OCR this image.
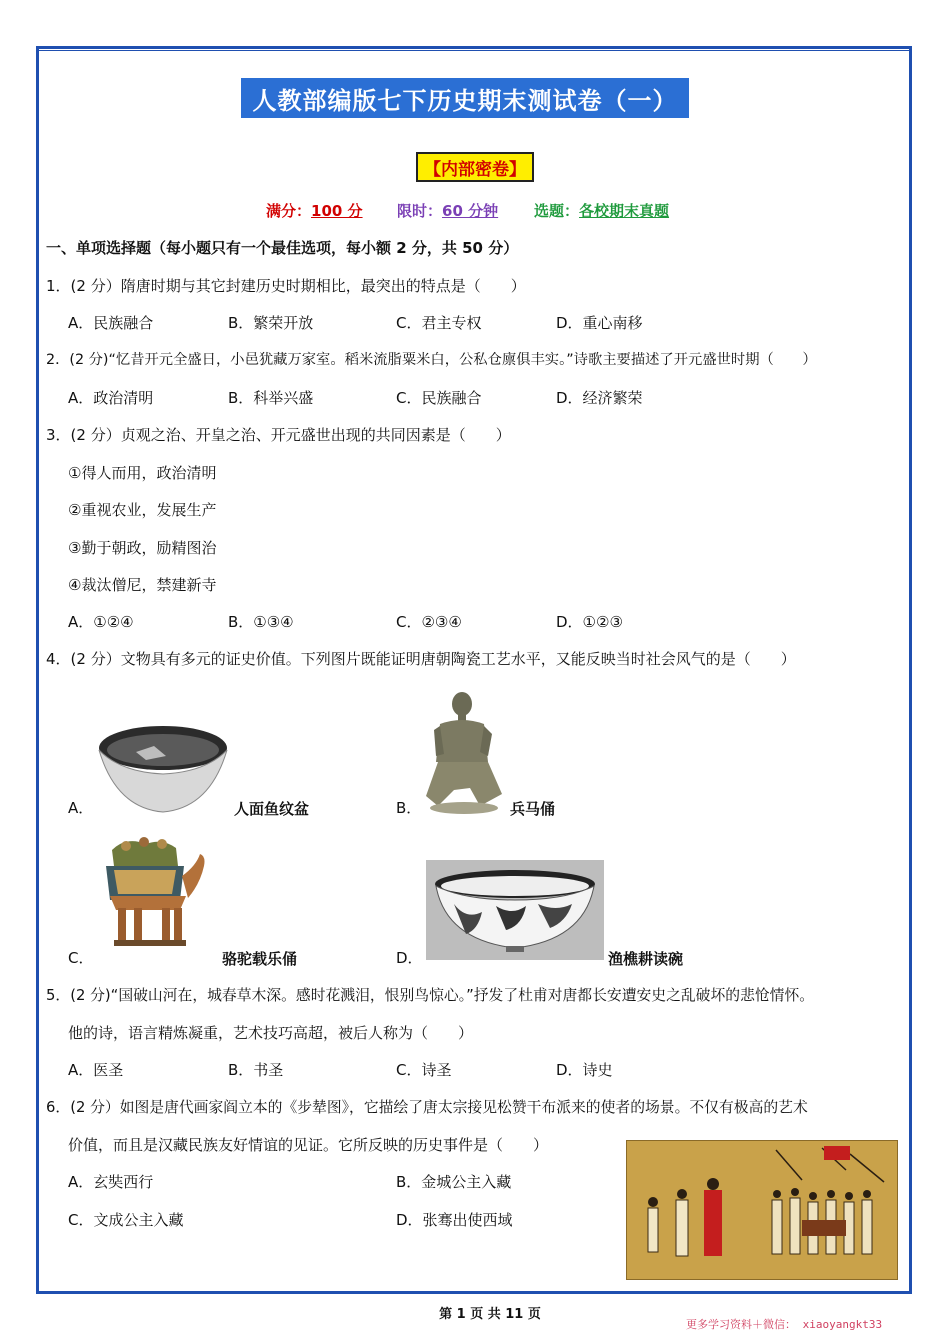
人教部编版七下历史期末测试卷（一）
【内部密卷】
满分：100 分 限时：60 分钟 选题：各校期末真题
一、单项选择题（每小题只有一个最佳选项，每小额 2 分，共 50 分）
1．(2 分）隋唐时期与其它封建历史时期相比，最突出的特点是（　　）
A．民族融合	B．繁荣开放	C．君主专权	D．重心南移
2．(2 分)“忆昔开元全盛日，小邑犹藏万家室。稻米流脂粟米白，公私仓廪俱丰实。”诗歌主要描述了开元盛世时期（　　）
A．政治清明	B．科举兴盛	C．民族融合	D．经济繁荣
3．(2 分）贞观之治、开皇之治、开元盛世出现的共同因素是（　　）
①得人而用，政治清明
②重视农业，发展生产
③勤于朝政，励精图治
④裁汰僧尼，禁建新寺
A．①②④	B．①③④	C．②③④	D．①②③
4．(2 分）文物具有多元的证史价值。下列图片既能证明唐朝陶瓷工艺水平，又能反映当时社会风气的是（　　）
A．	人面鱼纹盆	B．	兵马俑
C．	骆驼载乐俑	D．	渔樵耕读碗
5．(2 分)“国破山河在，城春草木深。感时花溅泪，恨别鸟惊心。”抒发了杜甫对唐都长安遭安史之乱破坏的悲怆情怀。
他的诗，语言精炼凝重，艺术技巧高超，被后人称为（　　）
A．医圣	B．书圣	C．诗圣	D．诗史
6．(2 分）如图是唐代画家阎立本的《步辇图》，它描绘了唐太宗接见松赞干布派来的使者的场景。不仅有极高的艺术
价值，而且是汉藏民族友好情谊的见证。它所反映的历史事件是（　　）
A．玄奘西行	B．金城公主入藏
C．文成公主入藏	D．张骞出使西域
第 1 页 共 11 页
更多学习资料＋微信： xiaoyangkt33
